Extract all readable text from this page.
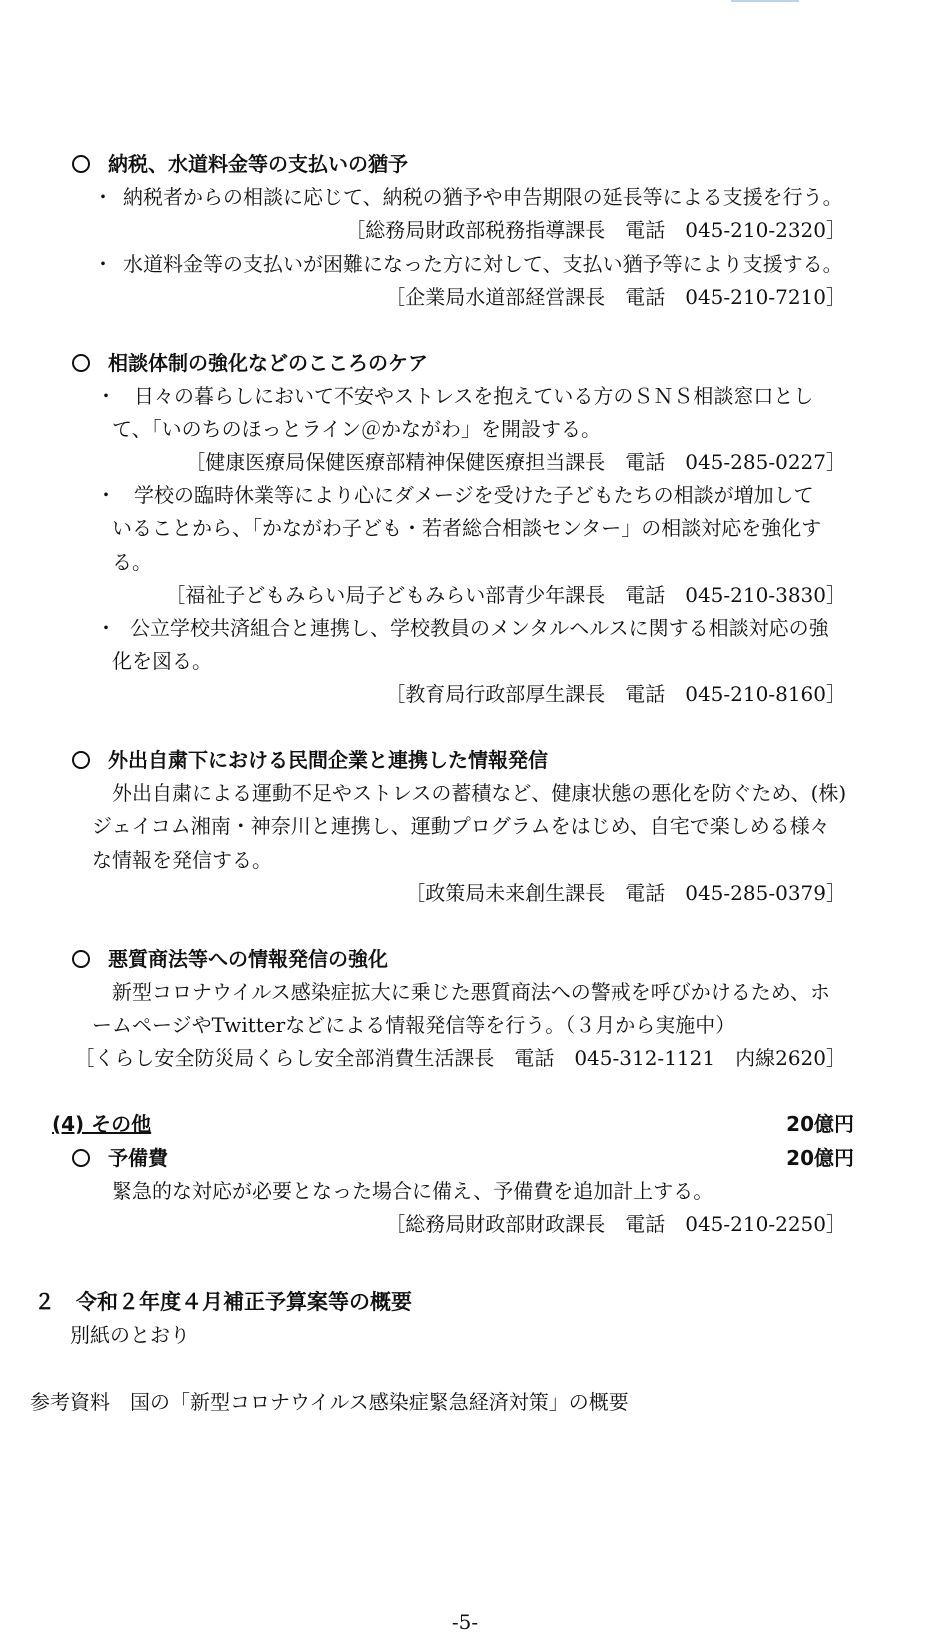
納税、水道料金等の支払いの猶予
・ 納税者からの相談に応じて、納税の猶予や申告期限の延長等による支援を行う。
［総務局財政部税務指導課長　電話　045-210-2320］
・ 水道料金等の支払いが困難になった方に対して、支払い猶予等により支援する。
［企業局水道部経営課長　電話　045-210-7210］
相談体制の強化などのこころのケア
・ 日々の暮らしにおいて不安やストレスを抱えている方のＳＮＳ相談窓口とし
て、「いのちのほっとライン＠かながわ」を開設する。
［健康医療局保健医療部精神保健医療担当課長　電話　045-285-0227］
・ 学校の臨時休業等により心にダメージを受けた子どもたちの相談が増加して
いることから、「かながわ子ども・若者総合相談センター」の相談対応を強化す
る。
［福祉子どもみらい局子どもみらい部青少年課長　電話　045-210-3830］
・ 公立学校共済組合と連携し、学校教員のメンタルヘルスに関する相談対応の強
化を図る。
［教育局行政部厚生課長　電話　045-210-8160］
外出自粛下における民間企業と連携した情報発信
外出自粛による運動不足やストレスの蓄積など、健康状態の悪化を防ぐため、(株)
ジェイコム湘南・神奈川と連携し、運動プログラムをはじめ、自宅で楽しめる様々
な情報を発信する。
［政策局未来創生課長　電話　045-285-0379］
悪質商法等への情報発信の強化
新型コロナウイルス感染症拡大に乗じた悪質商法への警戒を呼びかけるため、ホ
ームページやTwitterなどによる情報発信等を行う。（３月から実施中）
［くらし安全防災局くらし安全部消費生活課長　電話　045-312-1121　内線2620］
(4) その他	20億円
予備費	20億円
緊急的な対応が必要となった場合に備え、予備費を追加計上する。
［総務局財政部財政課長　電話　045-210-2250］
２　令和２年度４月補正予算案等の概要
別紙のとおり
参考資料　国の「新型コロナウイルス感染症緊急経済対策」の概要
-5-
